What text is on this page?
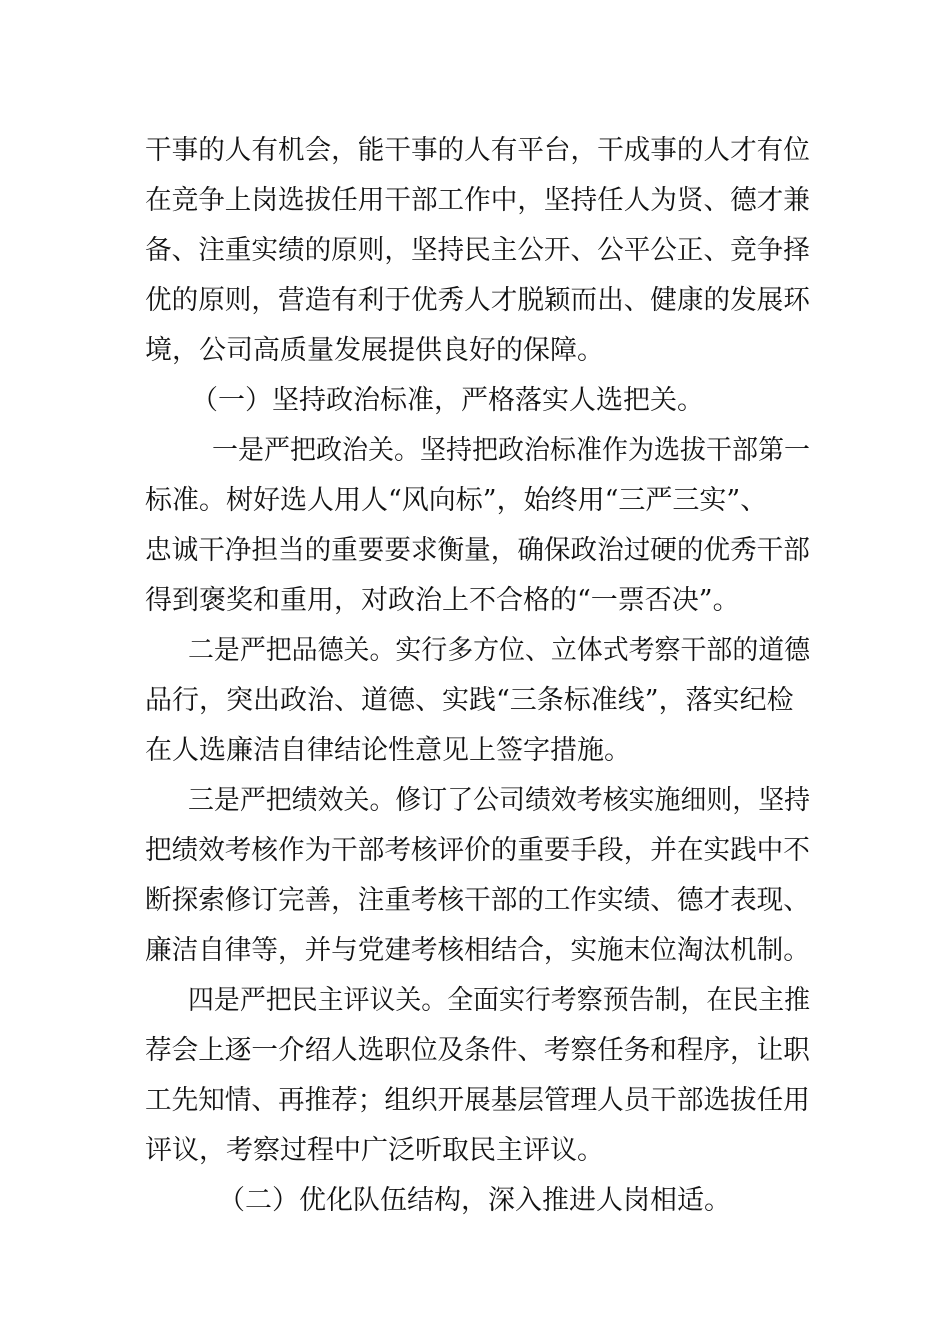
干事的人有机会，能干事的人有平台，干成事的人才有位

在竞争上岗选拔任用干部工作中，坚持任人为贤、德才兼

备、注重实绩的原则，坚持民主公开、公平公正、竞争择

优的原则，营造有利于优秀人才脱颖而出、健康的发展环

境，公司高质量发展提供良好的保障。

（一）坚持政治标准，严格落实人选把关。

一是严把政治关。坚持把政治标准作为选拔干部第一

标准。树好选人用人“风向标”，始终用“三严三实”、

忠诚干净担当的重要要求衡量，确保政治过硬的优秀干部

得到褒奖和重用，对政治上不合格的“一票否决”。

二是严把品德关。实行多方位、立体式考察干部的道德

品行，突出政治、道德、实践“三条标准线”，落实纪检

在人选廉洁自律结论性意见上签字措施。

三是严把绩效关。修订了公司绩效考核实施细则，坚持

把绩效考核作为干部考核评价的重要手段，并在实践中不

断探索修订完善，注重考核干部的工作实绩、德才表现、

廉洁自律等，并与党建考核相结合，实施末位淘汰机制。

四是严把民主评议关。全面实行考察预告制，在民主推

荐会上逐一介绍人选职位及条件、考察任务和程序，让职

工先知情、再推荐；组织开展基层管理人员干部选拔任用

评议，考察过程中广泛听取民主评议。

（二）优化队伍结构，深入推进人岗相适。
